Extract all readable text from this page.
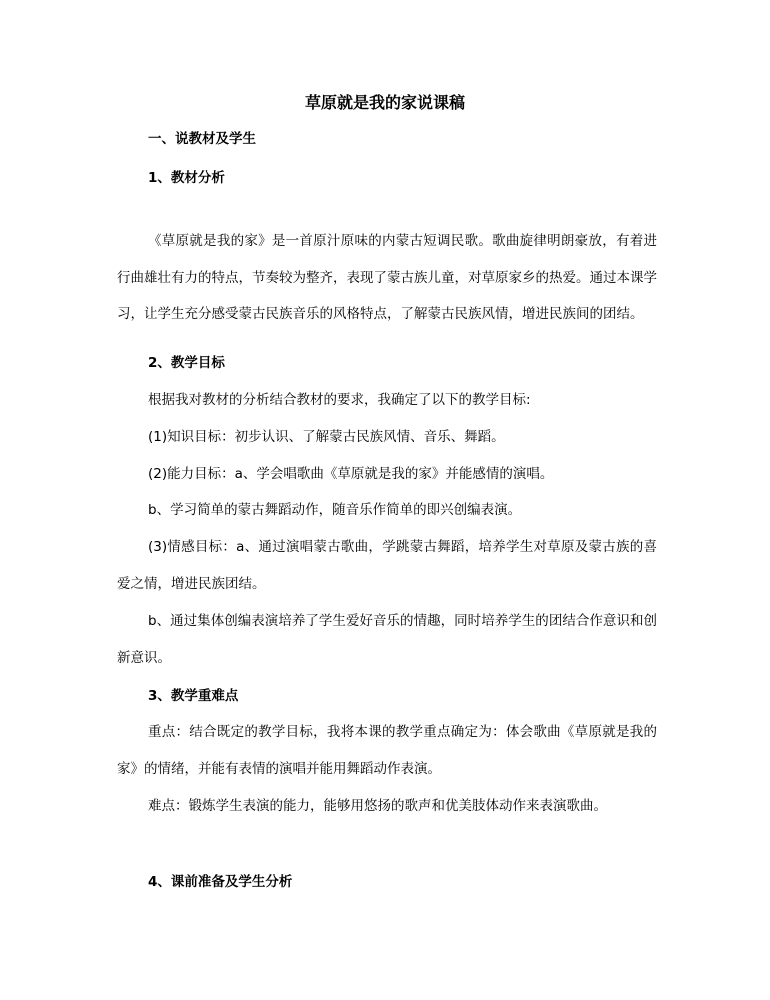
草原就是我的家说课稿
一、说教材及学生
1、教材分析

《草原就是我的家》是一首原汁原味的内蒙古短调民歌。歌曲旋律明朗豪放，有着进行曲雄壮有力的特点，节奏较为整齐，表现了蒙古族儿童，对草原家乡的热爱。通过本课学习，让学生充分感受蒙古民族音乐的风格特点，了解蒙古民族风情，增进民族间的团结。

2、教学目标

根据我对教材的分析结合教材的要求，我确定了以下的教学目标:

(1)知识目标：初步认识、了解蒙古民族风情、音乐、舞蹈。

(2)能力目标：a、学会唱歌曲《草原就是我的家》并能感情的演唱。

b、学习简单的蒙古舞蹈动作，随音乐作简单的即兴创编表演。

(3)情感目标：a、通过演唱蒙古歌曲，学跳蒙古舞蹈，培养学生对草原及蒙古族的喜爱之情，增进民族团结。

b、通过集体创编表演培养了学生爱好音乐的情趣，同时培养学生的团结合作意识和创新意识。

3、教学重难点

重点：结合既定的教学目标，我将本课的教学重点确定为：体会歌曲《草原就是我的家》的情绪，并能有表情的演唱并能用舞蹈动作表演。

难点：锻炼学生表演的能力，能够用悠扬的歌声和优美肢体动作来表演歌曲。

4、课前准备及学生分析
